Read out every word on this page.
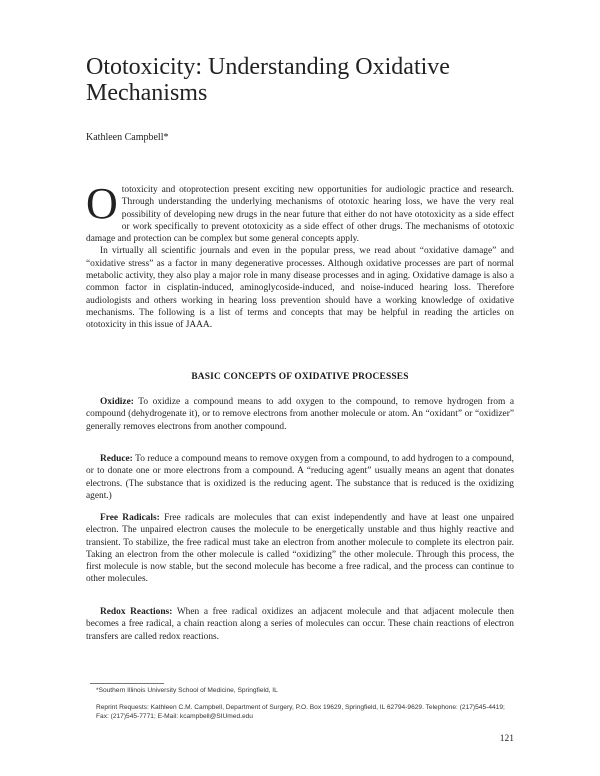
Ototoxicity: Understanding Oxidative Mechanisms
Kathleen Campbell*

Ototoxicity and otoprotection present exciting new opportunities for audiologic practice and research. Through understanding the underlying mechanisms of ototoxic hearing loss, we have the very real possibility of developing new drugs in the near future that either do not have ototoxicity as a side effect or work specifically to prevent ototoxicity as a side effect of other drugs. The mechanisms of ototoxic damage and protection can be complex but some general concepts apply.

In virtually all scientific journals and even in the popular press, we read about “oxidative damage” and “oxidative stress” as a factor in many degenerative processes. Although oxidative processes are part of normal metabolic activity, they also play a major role in many disease processes and in aging. Oxidative damage is also a common factor in cisplatin-induced, aminoglycoside-induced, and noise-induced hearing loss. Therefore audiologists and others working in hearing loss prevention should have a working knowledge of oxidative mechanisms. The following is a list of terms and concepts that may be helpful in reading the articles on ototoxicity in this issue of JAAA.

BASIC CONCEPTS OF OXIDATIVE PROCESSES

Oxidize: To oxidize a compound means to add oxygen to the compound, to remove hydrogen from a compound (dehydrogenate it), or to remove electrons from another molecule or atom. An “oxidant” or “oxidizer” generally removes electrons from another compound.

Reduce: To reduce a compound means to remove oxygen from a compound, to add hydrogen to a compound, or to donate one or more electrons from a compound. A “reducing agent” usually means an agent that donates electrons. (The substance that is oxidized is the reducing agent. The substance that is reduced is the oxidizing agent.)

Free Radicals: Free radicals are molecules that can exist independently and have at least one unpaired electron. The unpaired electron causes the molecule to be energetically unstable and thus highly reactive and transient. To stabilize, the free radical must take an electron from another molecule to complete its electron pair. Taking an electron from the other molecule is called “oxidizing” the other molecule. Through this process, the first molecule is now stable, but the second molecule has become a free radical, and the process can continue to other molecules.

Redox Reactions: When a free radical oxidizes an adjacent molecule and that adjacent molecule then becomes a free radical, a chain reaction along a series of molecules can occur. These chain reactions of electron transfers are called redox reactions.

*Southern Illinois University School of Medicine, Springfield, IL
Reprint Requests: Kathleen C.M. Campbell, Department of Surgery, P.O. Box 19629, Springfield, IL 62794-9629. Telephone: (217)545-4419; Fax: (217)545-7771; E-Mail: kcampbell@SIUmed.edu
121
